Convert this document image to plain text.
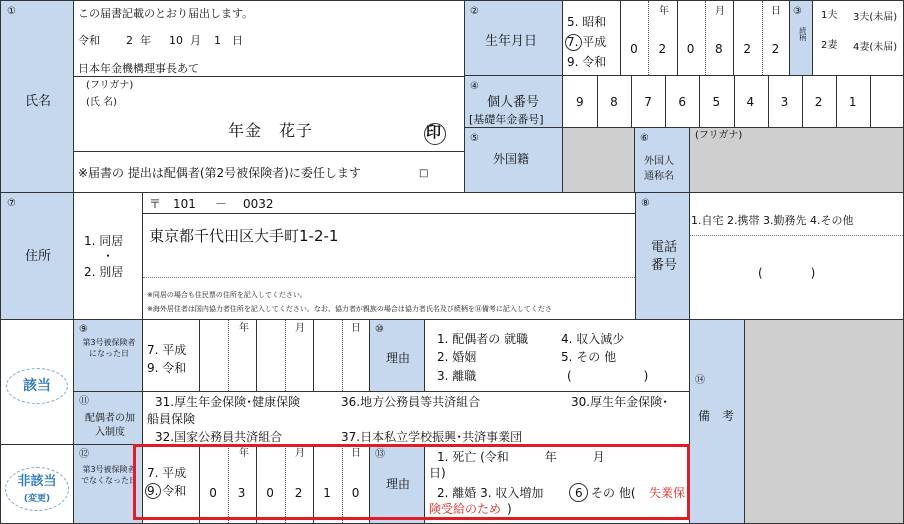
①
氏名
この届書記載のとおり届出します。
令和 2 年 10 月 1 日
日本年金機構理事長あて
(フリガナ)
(氏 名)
年金　花子	印
※届書の 提出は配偶者(第2号被保険者)に委任します	□
②
生年月日
5. 昭和
7. 平成
9. 令和
年	月	日
0 2 0 8 2 2
③
続柄
1夫
2妻
3夫(未届)
4妻(未届)
④
個人番号
[基礎年金番号]
9 8 7 6 5 4 3 2 1
⑤
外国籍
⑥
外国人
通称名
(フリガナ)
⑦
住所
1. 同居
・
2. 別居
〒 101 － 0032
東京都千代田区大手町1-2-1
※同居の場合も住民票の住所を記入してください。
※海外居住者は国内協力者住所を記入してください。なお、協力者が親族の場合は協力者氏名及び続柄を⑭備考に記入してくださ
⑧
電話
番号
1.自宅 2.携帯 3.勤務先 4.その他
(　　　　)
該当
⑨
第3号被保険者になった日	7. 平成
9. 令和
年	月	日 ⑩
理由
1. 配偶者の 就職
2. 婚姻
3. 離職
4. 収入減少
5. その 他
(　　　　　　)
⑪
配偶者の加入制度
31.厚生年金保険･健康保険	36.地方公務員等共済組合	30.厚生年金保険･
船員保険
32.国家公務員共済組合	37.日本私立学校振興･共済事業団
非該当
(変更)
⑫
第3号被保険者でなくなった日
7. 平成
9. 令和
年	月	日
0 3 0 2 1 0
⑬
理由
1. 死亡 (令和　　　年　　　月
日)
2. 離婚 3. 収入増加	6 その 他( 失業保
険受給のため )
⑭
備　考
